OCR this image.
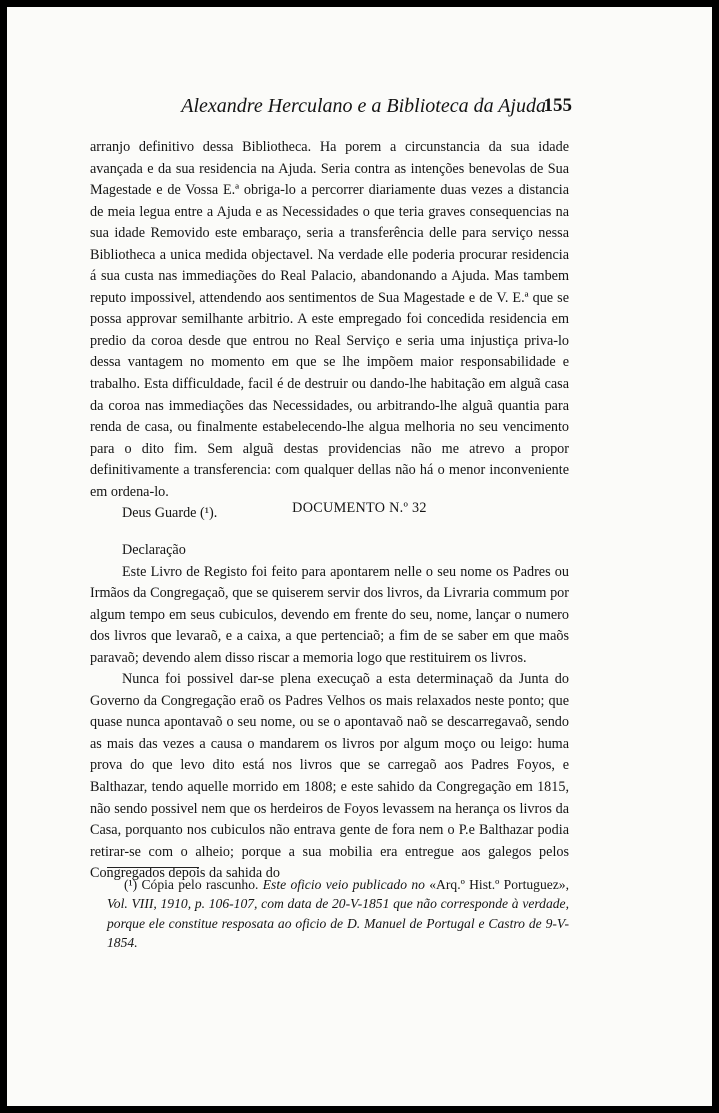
Alexandre Herculano e a Biblioteca da Ajuda
155

arranjo definitivo dessa Bibliotheca. Ha porem a circunstancia da sua idade avançada e da sua residencia na Ajuda. Seria contra as intenções benevolas de Sua Magestade e de Vossa E.ª obriga-lo a percorrer diariamente duas vezes a distancia de meia legua entre a Ajuda e as Necessidades o que teria graves consequencias na sua idade Removido este embaraço, seria a transferência delle para serviço nessa Bibliotheca a unica medida objectavel. Na verdade elle poderia procurar residencia á sua custa nas immediações do Real Palacio, abandonando a Ajuda. Mas tambem reputo impossivel, attendendo aos sentimentos de Sua Magestade e de V. E.ª que se possa approvar semilhante arbitrio. A este empregado foi concedida residencia em predio da coroa desde que entrou no Real Serviço e seria uma injustiça priva-lo dessa vantagem no momento em que se lhe impõem maior responsabilidade e trabalho. Esta difficuldade, facil é de destruir ou dando-lhe habitação em alguã casa da coroa nas immediações das Necessidades, ou arbitrando-lhe alguã quantia para renda de casa, ou finalmente estabelecendo-lhe algua melhoria no seu vencimento para o dito fim. Sem alguã destas providencias não me atrevo a propor definitivamente a transferencia: com qualquer dellas não há o menor inconveniente em ordena-lo.

Deus Guarde (¹).	DOCUMENTO N.º 32

Declaração

Este Livro de Registo foi feito para apontarem nelle o seu nome os Padres ou Irmãos da Congregaçaõ, que se quiserem servir dos livros, da Livraria commum por algum tempo em seus cubiculos, devendo em frente do seu, nome, lançar o numero dos livros que levaraõ, e a caixa, a que pertenciaõ; a fim de se saber em que maõs paravaõ; devendo alem disso riscar a memoria logo que restituirem os livros.

Nunca foi possivel dar-se plena execuçaõ a esta determinaçaõ da Junta do Governo da Congregação eraõ os Padres Velhos os mais relaxados neste ponto; que quase nunca apontavaõ o seu nome, ou se o apontavaõ naõ se descarregavaõ, sendo as mais das vezes a causa o mandarem os livros por algum moço ou leigo: huma prova do que levo dito está nos livros que se carregaõ aos Padres Foyos, e Balthazar, tendo aquelle morrido em 1808; e este sahido da Congregação em 1815, não sendo possivel nem que os herdeiros de Foyos levassem na herança os livros da Casa, porquanto nos cubiculos não entrava gente de fora nem o P.e Balthazar podia retirar-se com o alheio; porque a sua mobilia era entregue aos galegos pelos Congregados depois da sahida do

(¹) Cópia pelo rascunho. Este oficio veio publicado no «Arq.º Hist.º Portuguez», Vol. VIII, 1910, p. 106-107, com data de 20-V-1851 que não corresponde à verdade, porque ele constitue resposata ao oficio de D. Manuel de Portugal e Castro de 9-V-1854.
